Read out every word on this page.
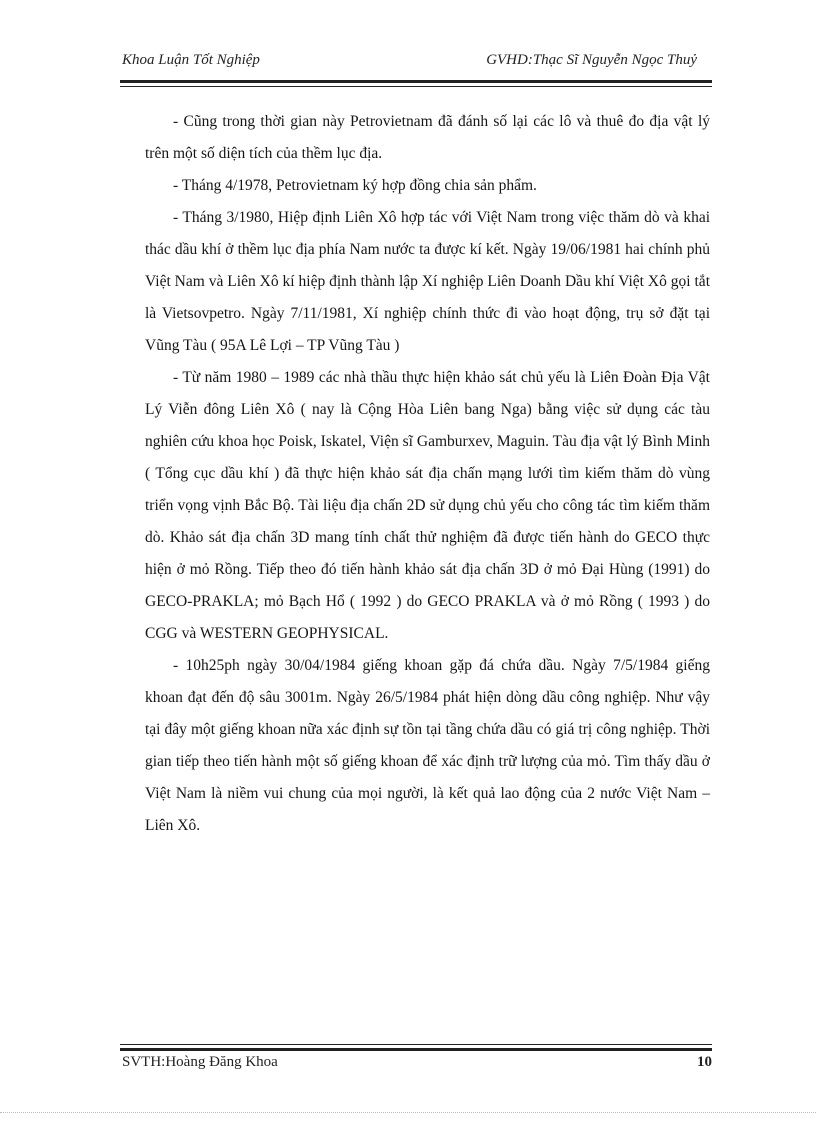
Khoa Luận Tốt Nghiệp	GVHD:Thạc Sĩ Nguyễn Ngọc Thuỷ

- Cũng trong thời gian này Petrovietnam đã đánh số lại các lô và thuê đo địa vật lý trên một số diện tích của thềm lục địa.

- Tháng 4/1978, Petrovietnam ký hợp đồng chia sản phẩm.

- Tháng 3/1980, Hiệp định Liên Xô hợp tác với Việt Nam trong việc thăm dò và khai thác dầu khí ở thềm lục địa phía Nam nước ta được kí kết. Ngày 19/06/1981 hai chính phủ Việt Nam và Liên Xô kí hiệp định thành lập Xí nghiệp Liên Doanh Dầu khí Việt Xô gọi tắt là Vietsovpetro. Ngày 7/11/1981, Xí nghiệp chính thức đi vào hoạt động, trụ sở đặt tại Vũng Tàu ( 95A Lê Lợi – TP Vũng Tàu )

- Từ năm 1980 – 1989 các nhà thầu thực hiện khảo sát chủ yếu là Liên Đoàn Địa Vật Lý Viễn đông Liên Xô ( nay là Cộng Hòa Liên bang Nga) bằng việc sử dụng các tàu nghiên cứu khoa học Poisk, Iskatel, Viện sĩ Gamburxev, Maguin. Tàu địa vật lý Bình Minh ( Tổng cục dầu khí ) đã thực hiện khảo sát địa chấn mạng lưới tìm kiếm thăm dò vùng triển vọng vịnh Bắc Bộ. Tài liệu địa chấn 2D sử dụng chủ yếu cho công tác tìm kiếm thăm dò. Khảo sát địa chấn 3D mang tính chất thử nghiệm đã được tiến hành do GECO thực hiện ở mỏ Rồng. Tiếp theo đó tiến hành khảo sát địa chấn 3D ở mỏ Đại Hùng (1991) do GECO-PRAKLA; mỏ Bạch Hổ ( 1992 ) do GECO PRAKLA và ở mỏ Rồng ( 1993 ) do CGG và WESTERN GEOPHYSICAL.

- 10h25ph ngày 30/04/1984 giếng khoan gặp đá chứa dầu. Ngày 7/5/1984 giếng khoan đạt đến độ sâu 3001m. Ngày 26/5/1984 phát hiện dòng dầu công nghiệp. Như vậy tại đây một giếng khoan nữa xác định sự tồn tại tầng chứa dầu có giá trị công nghiệp. Thời gian tiếp theo tiến hành một số giếng khoan để xác định trữ lượng của mỏ. Tìm thấy dầu ở Việt Nam là niềm vui chung của mọi người, là kết quả lao động của 2 nước Việt Nam – Liên Xô.

SVTH:Hoàng Đăng Khoa	10
